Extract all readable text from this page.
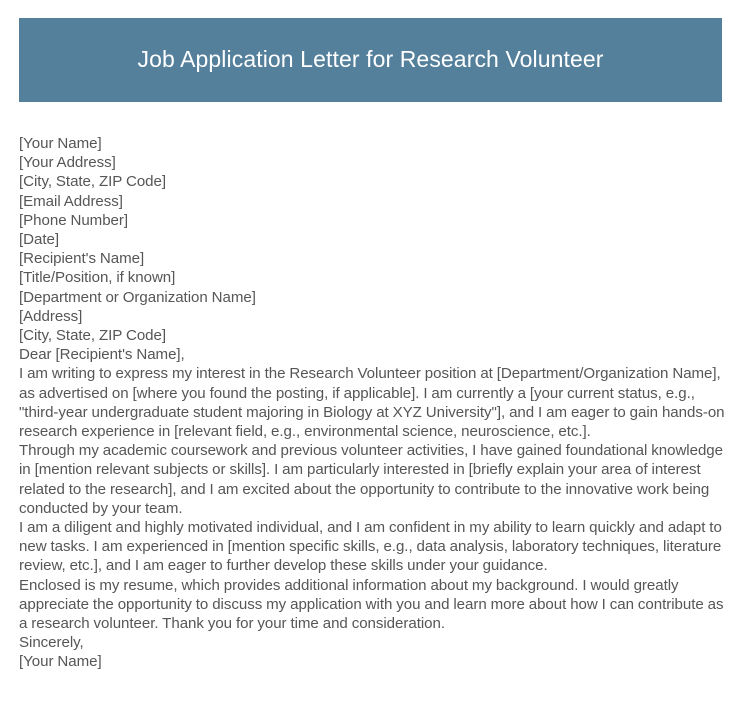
Job Application Letter for Research Volunteer
[Your Name]
[Your Address]
[City, State, ZIP Code]
[Email Address]
[Phone Number]
[Date]
[Recipient's Name]
[Title/Position, if known]
[Department or Organization Name]
[Address]
[City, State, ZIP Code]
Dear [Recipient's Name],

I am writing to express my interest in the Research Volunteer position at [Department/Organization Name], as advertised on [where you found the posting, if applicable]. I am currently a [your current status, e.g., "third-year undergraduate student majoring in Biology at XYZ University"], and I am eager to gain hands-on research experience in [relevant field, e.g., environmental science, neuroscience, etc.].

Through my academic coursework and previous volunteer activities, I have gained foundational knowledge in [mention relevant subjects or skills]. I am particularly interested in [briefly explain your area of interest related to the research], and I am excited about the opportunity to contribute to the innovative work being conducted by your team.

I am a diligent and highly motivated individual, and I am confident in my ability to learn quickly and adapt to new tasks. I am experienced in [mention specific skills, e.g., data analysis, laboratory techniques, literature review, etc.], and I am eager to further develop these skills under your guidance.

Enclosed is my resume, which provides additional information about my background. I would greatly appreciate the opportunity to discuss my application with you and learn more about how I can contribute as a research volunteer. Thank you for your time and consideration.

Sincerely,
[Your Name]
